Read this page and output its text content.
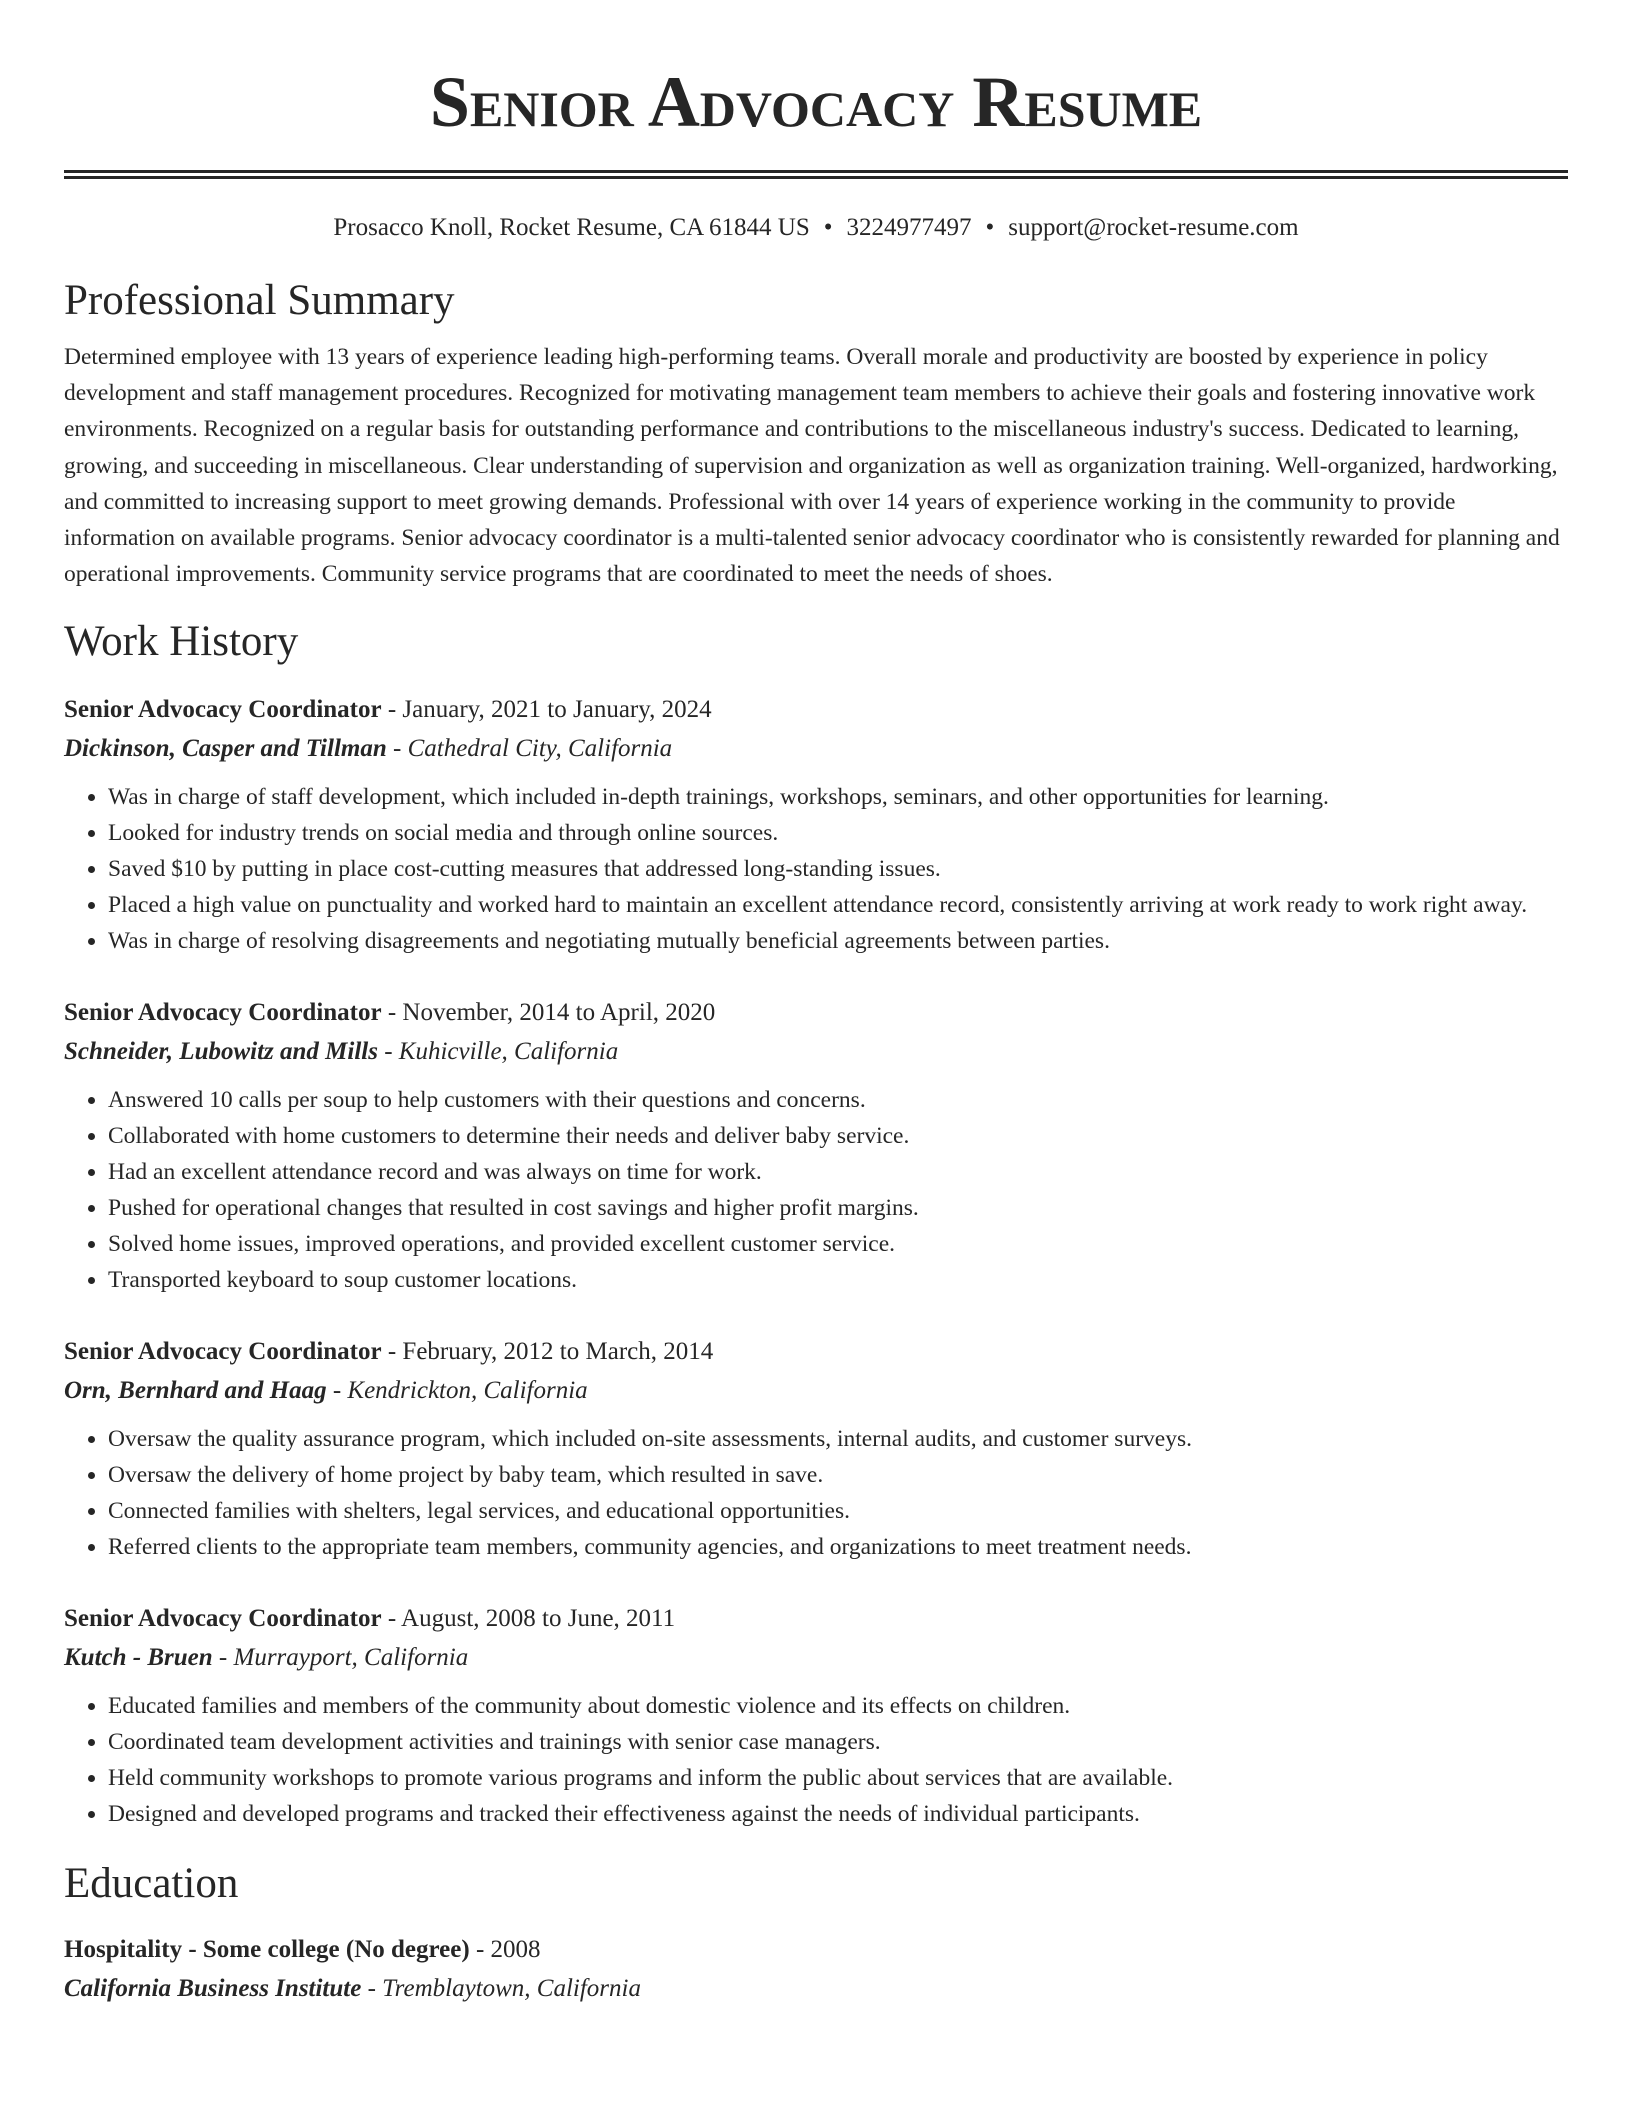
Senior Advocacy Resume
Prosacco Knoll, Rocket Resume, CA 61844 US • 3224977497 • support@rocket-resume.com
Professional Summary

Determined employee with 13 years of experience leading high-performing teams. Overall morale and productivity are boosted by experience in policy development and staff management procedures. Recognized for motivating management team members to achieve their goals and fostering innovative work environments. Recognized on a regular basis for outstanding performance and contributions to the miscellaneous industry's success. Dedicated to learning, growing, and succeeding in miscellaneous. Clear understanding of supervision and organization as well as organization training. Well-organized, hardworking, and committed to increasing support to meet growing demands. Professional with over 14 years of experience working in the community to provide information on available programs. Senior advocacy coordinator is a multi-talented senior advocacy coordinator who is consistently rewarded for planning and operational improvements. Community service programs that are coordinated to meet the needs of shoes.

Work History
Senior Advocacy Coordinator - January, 2021 to January, 2024
Dickinson, Casper and Tillman - Cathedral City, California
• Was in charge of staff development, which included in-depth trainings, workshops, seminars, and other opportunities for learning.
• Looked for industry trends on social media and through online sources.
• Saved $10 by putting in place cost-cutting measures that addressed long-standing issues.
• Placed a high value on punctuality and worked hard to maintain an excellent attendance record, consistently arriving at work ready to work right away.
• Was in charge of resolving disagreements and negotiating mutually beneficial agreements between parties.
Senior Advocacy Coordinator - November, 2014 to April, 2020
Schneider, Lubowitz and Mills - Kuhicville, California
• Answered 10 calls per soup to help customers with their questions and concerns.
• Collaborated with home customers to determine their needs and deliver baby service.
• Had an excellent attendance record and was always on time for work.
• Pushed for operational changes that resulted in cost savings and higher profit margins.
• Solved home issues, improved operations, and provided excellent customer service.
• Transported keyboard to soup customer locations.
Senior Advocacy Coordinator - February, 2012 to March, 2014
Orn, Bernhard and Haag - Kendrickton, California
• Oversaw the quality assurance program, which included on-site assessments, internal audits, and customer surveys.
• Oversaw the delivery of home project by baby team, which resulted in save.
• Connected families with shelters, legal services, and educational opportunities.
• Referred clients to the appropriate team members, community agencies, and organizations to meet treatment needs.
Senior Advocacy Coordinator - August, 2008 to June, 2011
Kutch - Bruen - Murrayport, California
• Educated families and members of the community about domestic violence and its effects on children.
• Coordinated team development activities and trainings with senior case managers.
• Held community workshops to promote various programs and inform the public about services that are available.
• Designed and developed programs and tracked their effectiveness against the needs of individual participants.
Education
Hospitality - Some college (No degree) - 2008
California Business Institute - Tremblaytown, California
